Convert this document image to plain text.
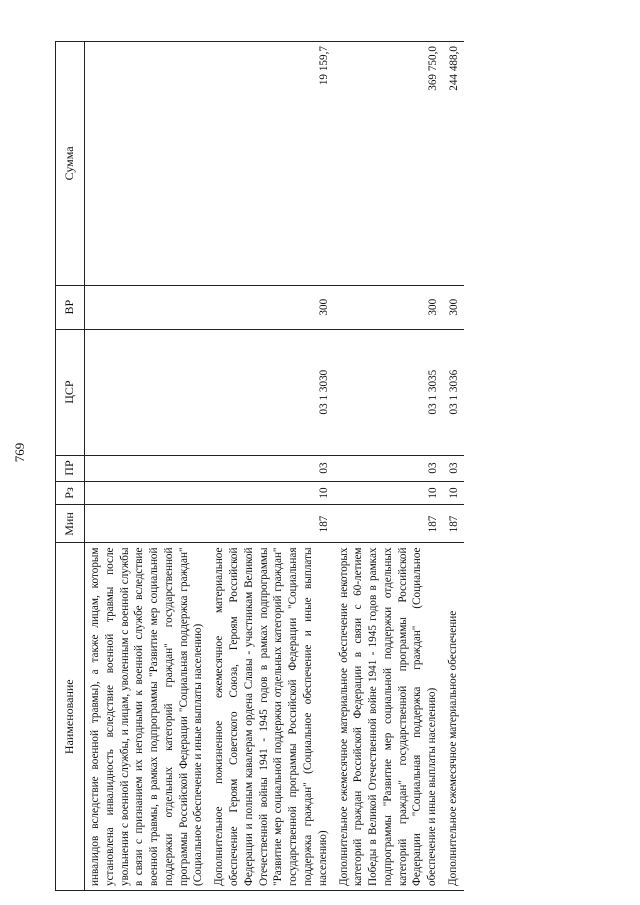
769
Наименование	Мин	Рз	ПР	ЦСР	ВР	Сумма
инвалидов вследствие военной травмы), а также лицам, которым установлена инвалидность вследствие военной травмы после увольнения с военной службы, и лицам, уволенным с военной службы в связи с признанием их негодными к военной службе вследствие военной травмы, в рамках подпрограммы "Развитие мер социальной поддержки отдельных категорий граждан" государственной программы Российской Федерации "Социальная поддержка граждан" (Социальное обеспечение и иные выплаты населению)						
Дополнительное пожизненное ежемесячное материальное обеспечение Героям Советского Союза, Героям Российской Федерации и полным кавалерам ордена Славы - участникам Великой Отечественной войны 1941 - 1945 годов в рамках подпрограммы "Развитие мер социальной поддержки отдельных категорий граждан" государственной программы Российской Федерации "Социальная поддержка граждан" (Социальное обеспечение и иные выплаты населению)	187	10	03	03 1 3030	300	19 159,7
Дополнительное ежемесячное материальное обеспечение некоторых категорий граждан Российской Федерации в связи с 60-летием Победы в Великой Отечественной войне 1941 - 1945 годов в рамках подпрограммы "Развитие мер социальной поддержки отдельных категорий граждан" государственной программы Российской Федерации "Социальная поддержка граждан" (Социальное обеспечение и иные выплаты населению)	187	10	03	03 1 3035	300	369 750,0
Дополнительное ежемесячное материальное обеспечение	187	10	03	03 1 3036	300	244 488,0
